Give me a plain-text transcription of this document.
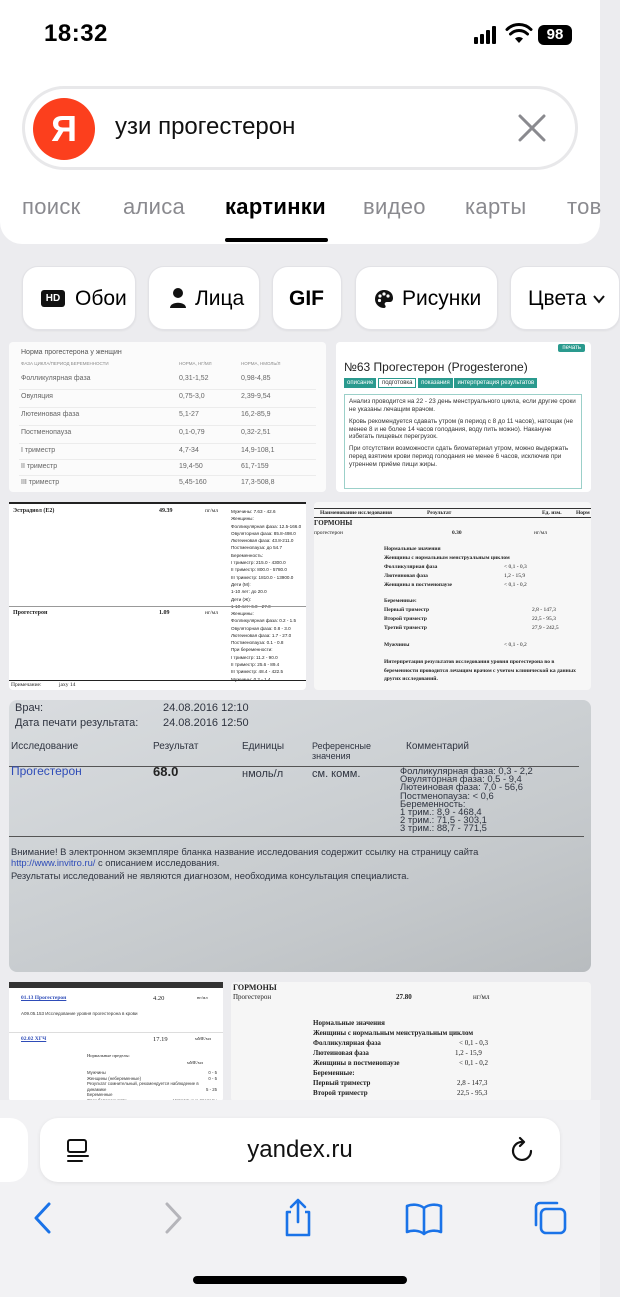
18:32	98
Я	узи прогестерон
поиск алиса картинки видео карты тов
HD Обои	Лица GIF	Рисунки Цвета
Норма прогестерона у женщин
ФАЗА ЦИКЛА/ПЕРИОД БЕРЕМЕННОСТИ	НОРМА, НГ/МЛ	НОРМА, НМОЛЬ/Л
Фолликулярная фаза	0,31-1,52	0,98-4,85
Овуляция	0,75-3,0	2,39-9,54
Лютеиновая фаза	5,1-27	16,2-85,9
Постменопауза	0,1-0,79	0,32-2,51
I триместр	4,7-34	14,9-108,1
II триместр	19,4-50	61,7-159
III триместр	5,45-160	17,3-508,8
печать
№63 Прогестерон (Progesterone)
описание подготовка показания интерпретация результатов

Анализ проводится на 22 - 23 день менструального цикла, если другие сроки не указаны лечащим врачом.

Кровь рекомендуется сдавать утром (в период с 8 до 11 часов), натощак (не менее 8 и не более 14 часов голодания, воду пить можно). Накануне избегать пищевых перегрузок.

При отсутствии возможности сдать биоматериал утром, можно выдержать перед взятием крови период голодания не менее 6 часов, исключив при утреннем приёме пищи жиры.

Эстрадиол (E2)	49.39	пг/мл	Мужчины: 7.63 - 42.6
Женщины:
Фолликулярная фаза: 12.5-166.0
Овуляторная фаза: 85.8-498.0
Лютеиновая фаза: 43.8-211.0
Постменопауза: до 54.7
Беременность:
I триместр: 215.0 - 4300.0
II триместр: 800.0 - 5780.0
III триместр: 1810.0 - 13900.0
Дети (М):
1-10 лет: до 20.0
Дети (Ж):
Прогестерон	1.09	нг/мл	Женщины:
Фолликулярная фаза: 0.2 - 1.5
Овуляторная фаза: 0.8 - 3.0
Лютеиновая фаза: 1.7 - 27.0
Постменопауза: 0.1 - 0.8
При беременности:
I триместр: 11.2 - 90.0
II триместр: 25.6 - 89.4
III триместр: 48.4 - 422.5
Примечание:	jaxy 14
Наименование исследования	Результат	Ед. изм.	Норм
ГОРМОНЫ
прогестерон	0.30	нг/мл
Нормальные значения
Женщины с нормальным менструальным циклом
Фолликулярная фаза	< 0,1 - 0,3
Лютеиновая фаза	1,2 - 15,9
Женщины в постменопаузе	< 0,1 - 0,2
Беременные:
Первый триместр	2,8 - 147,3
Второй триместр	22,5 - 95,3
Третий триместр	27,9 - 242,5
Мужчины	< 0,1 - 0,2
Интерпретация результатов исследования уровня прогестерона во в беременности проводится лечащим врачом с учетом клинической ка данных других исследований.
Врач:	24.08.2016 12:10
Дата печати результата: 24.08.2016 12:50
Исследование	Результат	Единицы	Референсные значения
Комментарий
Прогестерон	68.0	нмоль/л	см. комм.	Фолликулярная фаза: 0,3 - 2,2
Овуляторная фаза: 0,5 - 9,4
Лютеиновая фаза: 7,0 - 56,6
Постменопауза: < 0,6
Беременность:
1 трим.: 8,9 - 468,4
2 трим.: 71,5 - 303,1
3 трим.: 88,7 - 771,5
Внимание! В электронном экземпляре бланка название исследования содержит ссылку на страницу сайта http://www.invitro.ru/ с описанием исследования.
Результаты исследований не являются диагнозом, необходима консультация специалиста.
01.13 Прогестерон	4.20	нг/мл
A09.05.153 Исследование уровня прогестерона в крови
02.02 ХГЧ	17.19	мМЕ/мл
Нормальные пределы:
мМЕ/мл
Мужчины	0 - 5
Женщины (небеременные)	0 - 5
Результат сомнительный, рекомендуется наблюдение в динамике	5 - 25
Беременные
ГОРМОНЫ
Прогестерон	27.80	нг/мл
Нормальные значения
Женщины с нормальным менструальным циклом
Фолликулярная фаза	< 0,1 - 0,3
Лютеиновая фаза	1,2 - 15,9
Женщины в постменопаузе	< 0,1 - 0,2
Беременные:
Первый триместр	2,8 - 147,3
Второй триместр	22,5 - 95,3
yandex.ru
